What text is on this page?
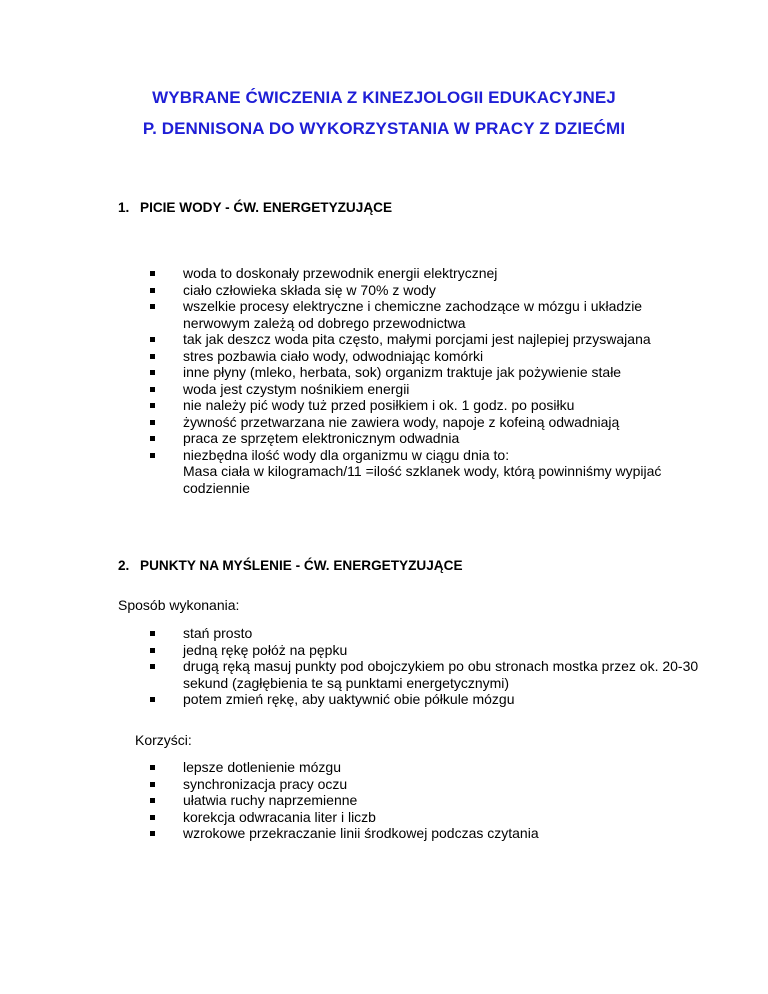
WYBRANE ĆWICZENIA Z KINEZJOLOGII EDUKACYJNEJ
P. DENNISONA DO WYKORZYSTANIA W PRACY Z DZIEĆMI
1. PICIE WODY - ĆW. ENERGETYZUJĄCE
woda to doskonały przewodnik energii elektrycznej
ciało człowieka składa się w 70% z wody
wszelkie procesy elektryczne i chemiczne zachodzące w mózgu i układzie nerwowym zależą od dobrego przewodnictwa
tak jak deszcz woda pita często, małymi porcjami jest najlepiej przyswajana
stres pozbawia ciało wody, odwodniając komórki
inne płyny (mleko, herbata, sok) organizm traktuje jak pożywienie stałe
woda jest czystym nośnikiem energii
nie należy pić wody tuż przed posiłkiem i ok. 1 godz. po posiłku
żywność przetwarzana nie zawiera wody, napoje z kofeiną odwadniają
praca ze sprzętem elektronicznym odwadnia
niezbędna ilość wody dla organizmu w ciągu dnia to:
Masa ciała w kilogramach/11 =ilość szklanek wody, którą powinniśmy wypijać codziennie
2. PUNKTY NA MYŚLENIE - ĆW. ENERGETYZUJĄCE
Sposób wykonania:
stań prosto
jedną rękę połóż na pępku
drugą ręką masuj punkty pod obojczykiem po obu stronach mostka przez ok. 20-30 sekund (zagłębienia te są punktami energetycznymi)
potem zmień rękę, aby uaktywnić obie półkule mózgu
Korzyści:
lepsze dotlenienie mózgu
synchronizacja pracy oczu
ułatwia ruchy naprzemienne
korekcja odwracania liter i liczb
wzrokowe przekraczanie linii środkowej podczas czytania
